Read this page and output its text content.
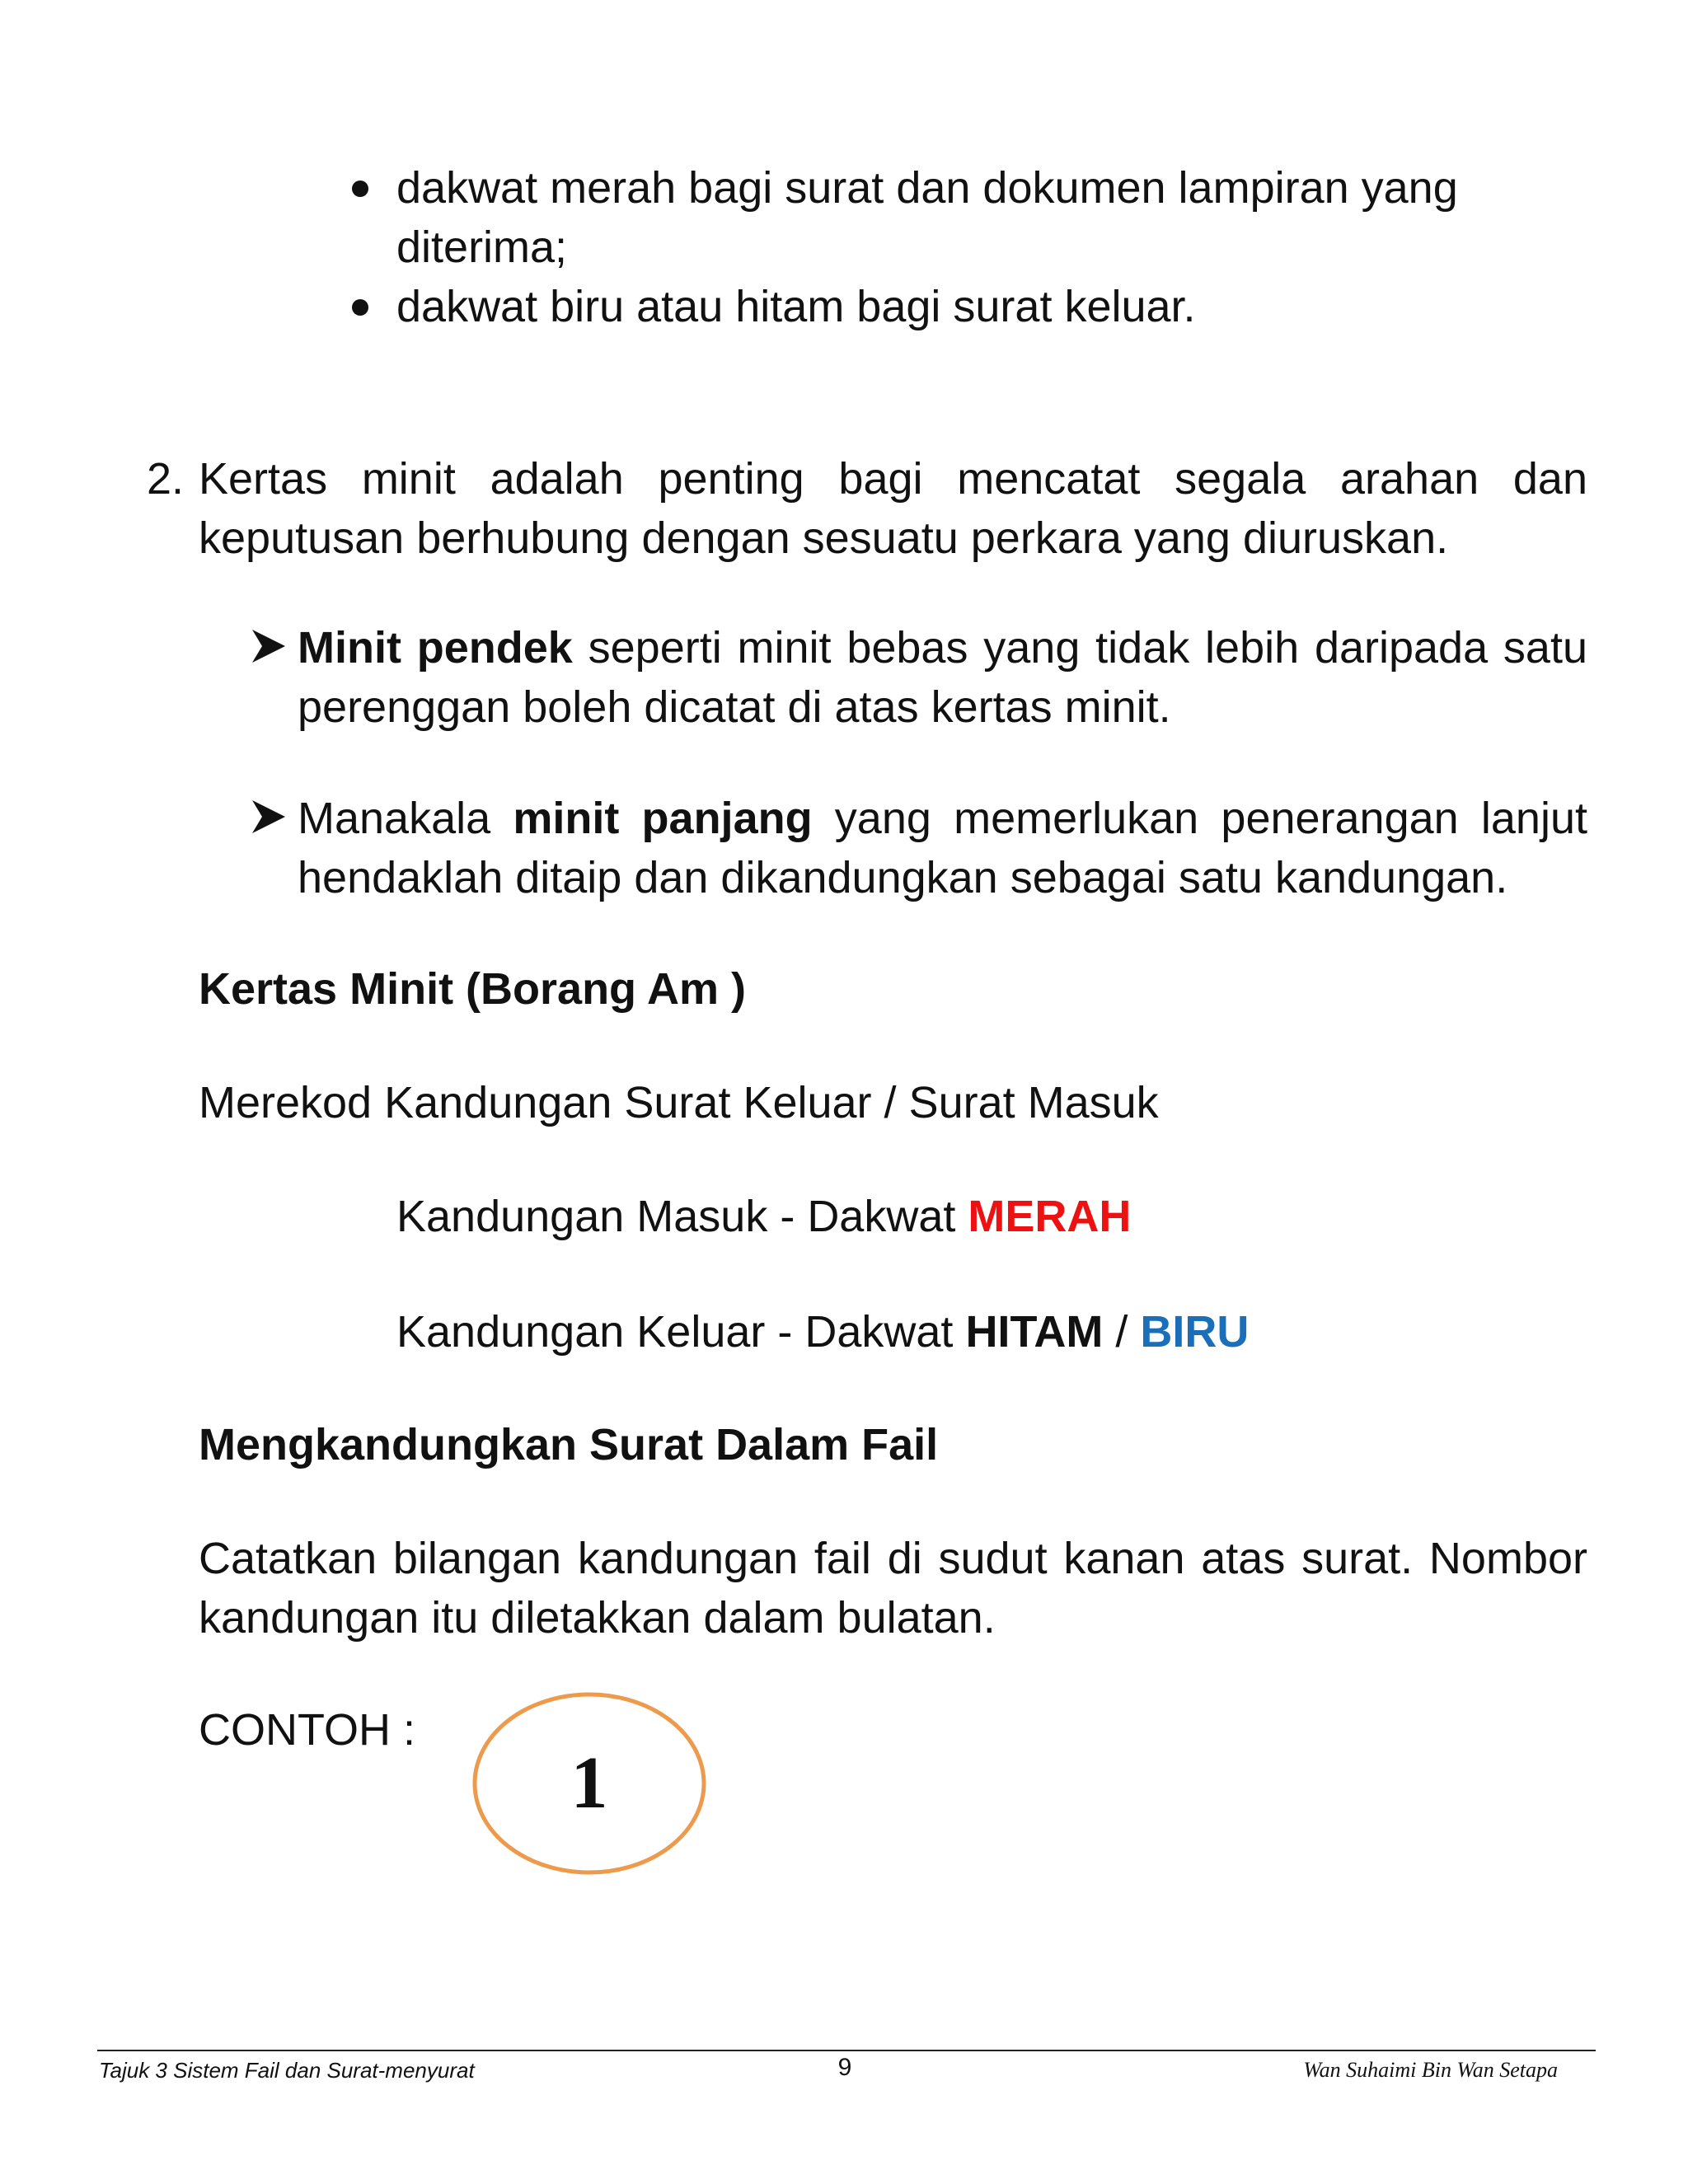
dakwat merah bagi surat dan dokumen lampiran yang diterima;
dakwat biru atau hitam bagi surat keluar.
2. Kertas minit adalah penting bagi mencatat segala arahan dan keputusan berhubung dengan sesuatu perkara yang diuruskan.
Minit pendek seperti minit bebas yang tidak lebih daripada satu perenggan boleh dicatat di atas kertas minit.
Manakala minit panjang yang memerlukan penerangan lanjut hendaklah ditaip dan dikandungkan sebagai satu kandungan.
Kertas Minit (Borang Am )
Merekod Kandungan Surat Keluar / Surat Masuk
Kandungan Masuk - Dakwat MERAH
Kandungan Keluar - Dakwat HITAM / BIRU
Mengkandungkan Surat Dalam Fail
Catatkan bilangan kandungan fail di sudut kanan atas surat. Nombor kandungan itu diletakkan dalam bulatan.
CONTOH :
1
Tajuk 3 Sistem Fail dan Surat-menyurat	9	Wan Suhaimi Bin Wan Setapa
